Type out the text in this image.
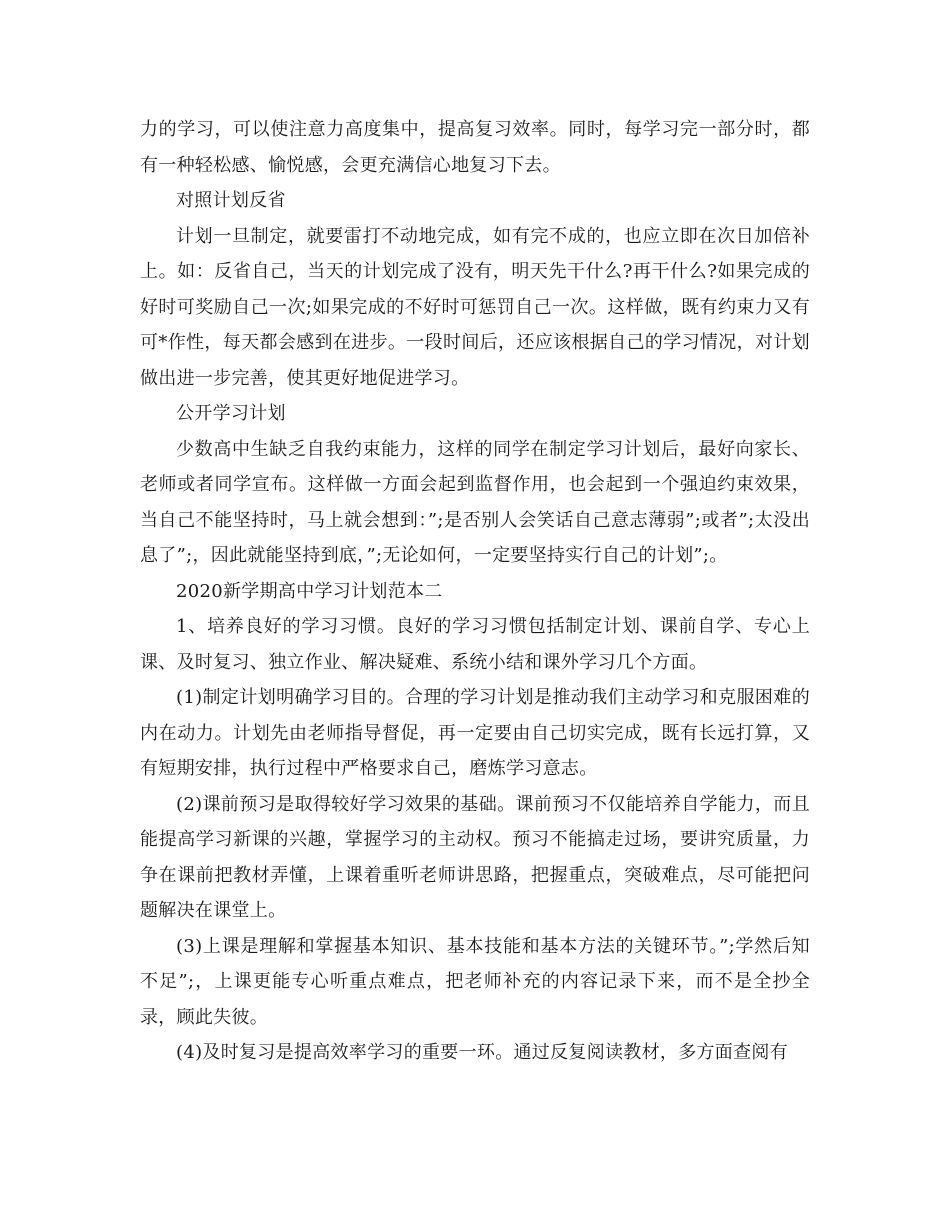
力的学习，可以使注意力高度集中，提高复习效率。同时，每学习完一部分时，都有一种轻松感、愉悦感，会更充满信心地复习下去。

对照计划反省

计划一旦制定，就要雷打不动地完成，如有完不成的，也应立即在次日加倍补上。如：反省自己，当天的计划完成了没有，明天先干什么?再干什么?如果完成的好时可奖励自己一次;如果完成的不好时可惩罚自己一次。这样做，既有约束力又有可*作性，每天都会感到在进步。一段时间后，还应该根据自己的学习情况，对计划做出进一步完善，使其更好地促进学习。

公开学习计划

少数高中生缺乏自我约束能力，这样的同学在制定学习计划后，最好向家长、老师或者同学宣布。这样做一方面会起到监督作用，也会起到一个强迫约束效果，当自己不能坚持时，马上就会想到：”;是否别人会笑话自己意志薄弱”;或者”;太没出息了”;，因此就能坚持到底，”;无论如何，一定要坚持实行自己的计划”;。

2020新学期高中学习计划范本二

1、培养良好的学习习惯。良好的学习习惯包括制定计划、课前自学、专心上课、及时复习、独立作业、解决疑难、系统小结和课外学习几个方面。

(1)制定计划明确学习目的。合理的学习计划是推动我们主动学习和克服困难的内在动力。计划先由老师指导督促，再一定要由自己切实完成，既有长远打算，又有短期安排，执行过程中严格要求自己，磨炼学习意志。

(2)课前预习是取得较好学习效果的基础。课前预习不仅能培养自学能力，而且能提高学习新课的兴趣，掌握学习的主动权。预习不能搞走过场，要讲究质量，力争在课前把教材弄懂，上课着重听老师讲思路，把握重点，突破难点，尽可能把问题解决在课堂上。

(3)上课是理解和掌握基本知识、基本技能和基本方法的关键环节。”;学然后知不足”;，上课更能专心听重点难点，把老师补充的内容记录下来，而不是全抄全录，顾此失彼。

(4)及时复习是提高效率学习的重要一环。通过反复阅读教材，多方面查阅有
